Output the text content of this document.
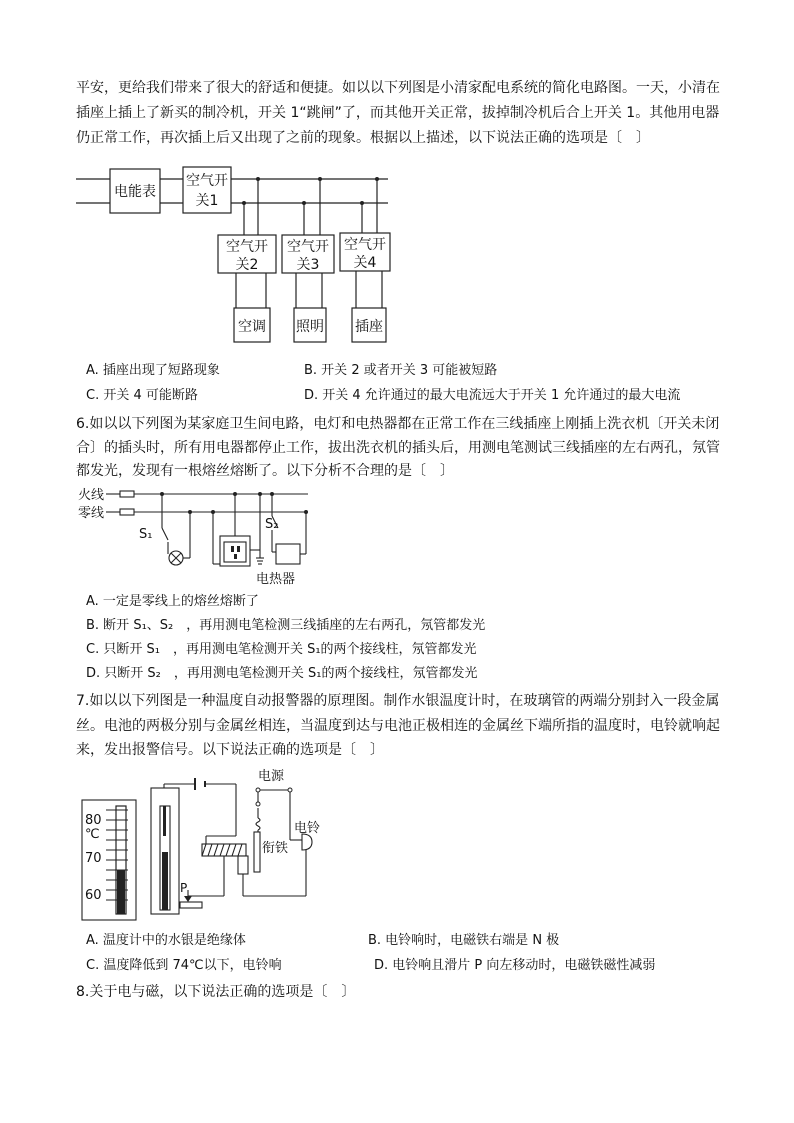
平安，更给我们带来了很大的舒适和便捷。如以以下列图是小清家配电系统的简化电路图。一天，小清在
插座上插上了新买的制冷机，开关 1“跳闸”了，而其他开关正常，拔掉制冷机后合上开关 1。其他用电器
仍正常工作，再次插上后又出现了之前的现象。根据以上描述，以下说法正确的选项是〔　〕
电能表
空气开
关1
空气开
关2
空气开
关3
空气开
关4
空调 照明 插座
A. 插座出现了短路现象	B. 开关 2 或者开关 3 可能被短路
C. 开关 4 可能断路	D. 开关 4 允许通过的最大电流远大于开关 1 允许通过的最大电流
6.如以以下列图为某家庭卫生间电路，电灯和电热器都在正常工作在三线插座上刚插上洗衣机〔开关未闭
合〕的插头时，所有用电器都停止工作，拔出洗衣机的插头后，用测电笔测试三线插座的左右两孔，氖管
都发光，发现有一根熔丝熔断了。以下分析不合理的是〔　〕
火线
零线
S₁
S₂
电热器
A. 一定是零线上的熔丝熔断了
B. 断开 S₁、S₂　，再用测电笔检测三线插座的左右两孔，氖管都发光
C. 只断开 S₁　，再用测电笔检测开关 S₁的两个接线柱，氖管都发光
D. 只断开 S₂　，再用测电笔检测开关 S₁的两个接线柱，氖管都发光
7.如以以下列图是一种温度自动报警器的原理图。制作水银温度计时，在玻璃管的两端分别封入一段金属
丝。电池的两极分别与金属丝相连，当温度到达与电池正极相连的金属丝下端所指的温度时，电铃就响起
来，发出报警信号。以下说法正确的选项是〔　〕
80
℃
70
60
电源
衔铁
电铃
P
A. 温度计中的水银是绝缘体	B. 电铃响时，电磁铁右端是 N 极
C. 温度降低到 74℃以下，电铃响	D. 电铃响且滑片 P 向左移动时，电磁铁磁性减弱
8.关于电与磁，以下说法正确的选项是〔　〕
